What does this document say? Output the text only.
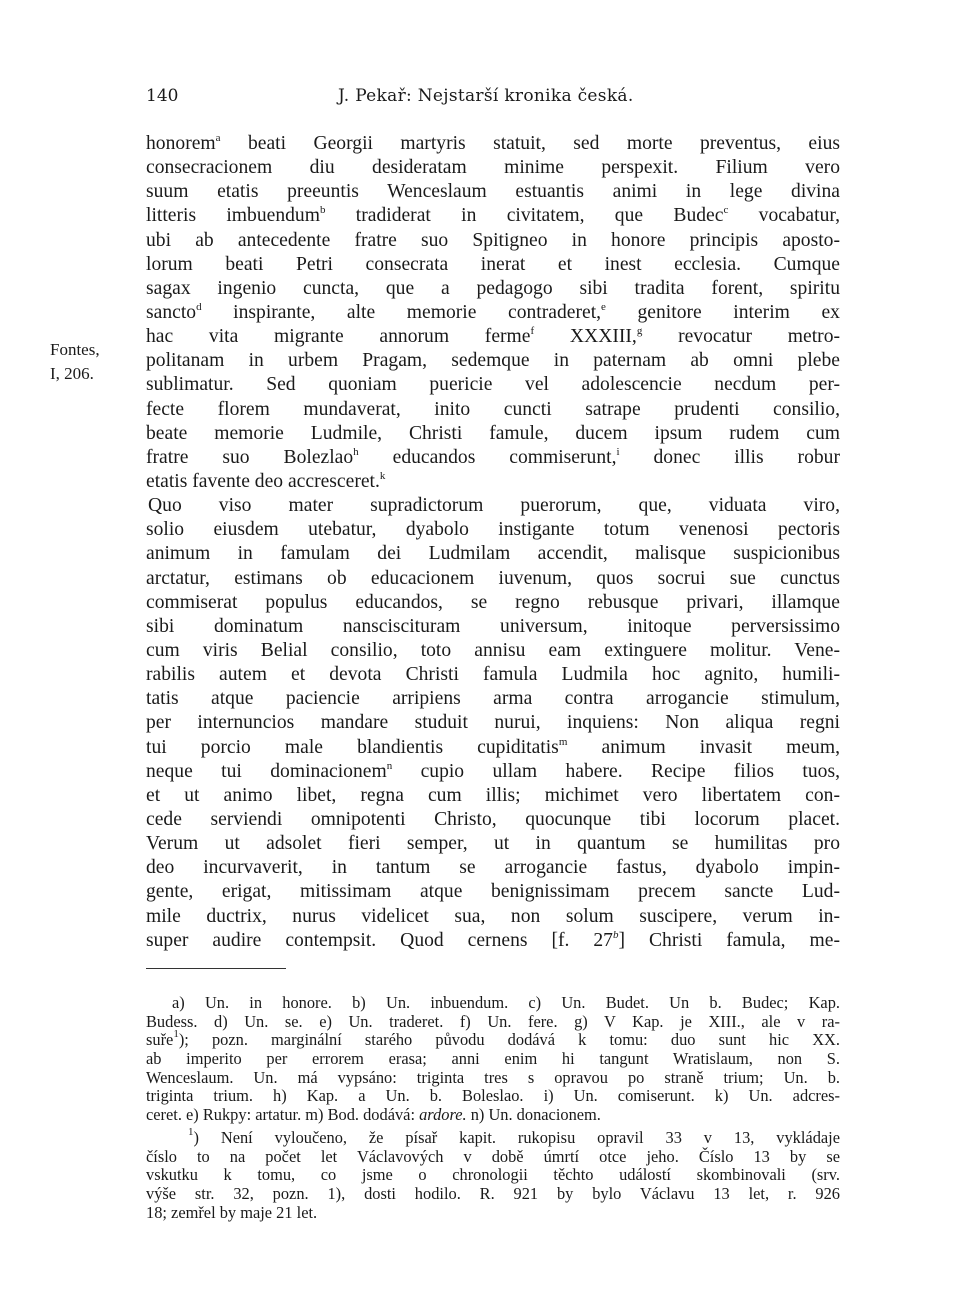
140	J. Pekař: Nejstarší kronika česká.
Fontes,
I, 206.
honorem$^a$ beati Georgii martyris statuit, sed morte preventus, eius
consecracionem diu desideratam minime perspexit. Filium vero
suum etatis preeuntis Wenceslaum estuantis animi in lege divina
litteris imbuendum$^b$ tradiderat in civitatem, que Budec$^c$ vocabatur,
ubi ab antecedente fratre suo Spitigneo in honore principis aposto-
lorum beati Petri consecrata inerat et inest ecclesia. Cumque
sagax ingenio cuncta, que a pedagogo sibi tradita forent, spiritu
sancto$^d$ inspirante, alte memorie contraderet,$^e$ genitore interim ex
hac vita migrante annorum ferme$^f$ XXXIII,$^g$ revocatur metro-
politanam in urbem Pragam, sedemque in paternam ab omni plebe
sublimatur. Sed quoniam puericie vel adolescencie necdum per-
fecte florem mundaverat, inito cuncti satrape prudenti consilio,
beate memorie Ludmile, Christi famule, ducem ipsum rudem cum
fratre suo Bolezlao$^h$ educandos commiserunt,$^i$ donec illis robur
etatis favente deo accresceret.$^k$
Quo viso mater supradictorum puerorum, que, viduata viro,
solio eiusdem utebatur, dyabolo instigante totum venenosi pectoris
animum in famulam dei Ludmilam accendit, malisque suspicionibus
arctatur, estimans ob educacionem iuvenum, quos socrui sue cunctus
commiserat populus educandos, se regno rebusque privari, illamque
sibi dominatum nansciscituram universum, initoque perversissimo
cum viris Belial consilio, toto annisu eam extinguere molitur. Vene-
rabilis autem et devota Christi famula Ludmila hoc agnito, humili-
tatis atque paciencie arripiens arma contra arrogancie stimulum,
per internuncios mandare studuit nurui, inquiens: Non aliqua regni
tui porcio male blandientis cupiditatis$^m$ animum invasit meum,
neque tui dominacionem$^n$ cupio ullam habere. Recipe filios tuos,
et ut animo libet, regna cum illis; michimet vero libertatem con-
cede serviendi omnipotenti Christo, quocunque tibi locorum placet.
Verum ut adsolet fieri semper, ut in quantum se humilitas pro
deo incurvaverit, in tantum se arrogancie fastus, dyabolo impin-
gente, erigat, mitissimam atque benignissimam precem sancte Lud-
mile ductrix, nurus videlicet sua, non solum suscipere, verum in-
super audire contempsit. Quod cernens [f. 27$^b$] Christi famula, me-
a) Un. in honore. b) Un. inbuendum. c) Un. Budet. Un b. Budec; Kap.
Budess. d) Un. se. e) Un. traderet. f) Un. fere. g) V Kap. je XIII., ale v ra-
suře$^1$); pozn. marginální starého původu dodává k tomu: duo sunt hic XX.
ab imperito per errorem erasa; anni enim hi tangunt Wratislaum, non S.
Wenceslaum. Un. má vypsáno: triginta tres s opravou po straně trium; Un. b.
triginta trium. h) Kap. a Un. b. Boleslao. i) Un. comiserunt. k) Un. adcres-
ceret. e) Rukpy: artatur. m) Bod. dodává: ardore. n) Un. donacionem.
$^1$) Není vyloučeno, že písař kapit. rukopisu opravil 33 v 13, vykládaje
číslo to na počet let Václavových v době úmrtí otce jeho. Číslo 13 by se
vskutku k tomu, co jsme o chronologii těchto událostí skombinovali (srv.
výše str. 32, pozn. 1), dosti hodilo. R. 921 by bylo Václavu 13 let, r. 926
18; zemřel by maje 21 let.
